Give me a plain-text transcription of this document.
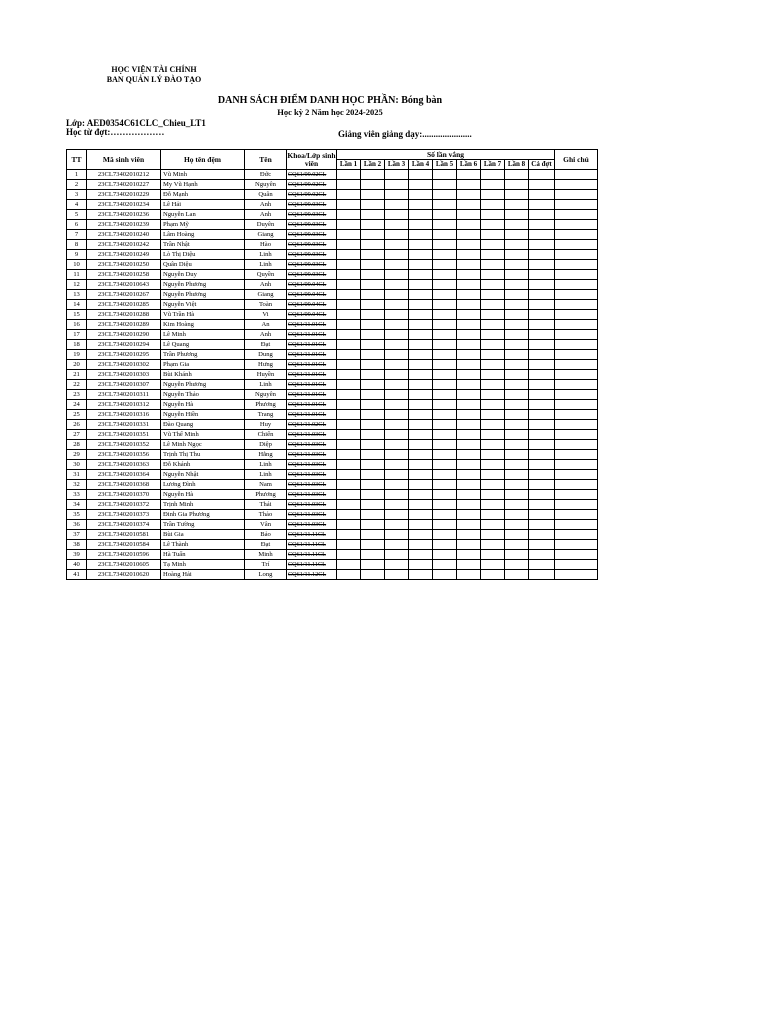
HỌC VIỆN TÀI CHÍNH
BAN QUẢN LÝ ĐÀO TẠO
DANH SÁCH ĐIỂM DANH HỌC PHẦN: Bóng bàn
Học kỳ 2 Năm học 2024-2025
Lớp: AED0354C61CLC_Chieu_LT1
Học từ đợt:………………	Giảng viên giảng dạy:......................
TT	Mã sinh viên	Họ tên đệm	Tên	Khoa/Lớp sinh viên	Số lần vắng									Ghi chú
					Lần 1	Lần 2	Lần 3	Lần 4	Lần 5	Lần 6	Lần 7	Lần 8	Cả đợt	
1	23CL73402010212	Vũ Minh	Đức	CQ61/09.02CL										
2	23CL73402010227	My Vũ Hạnh	Nguyên	CQ61/09.02CL										
3	23CL73402010229	Đỗ Mạnh	Quân	CQ61/09.02CL										
4	23CL73402010234	Lê Hải	Anh	CQ61/09.03CL										
5	23CL73402010236	Nguyễn Lan	Anh	CQ61/09.03CL										
6	23CL73402010239	Phạm Mỹ	Duyên	CQ61/09.03CL										
7	23CL73402010240	Lâm Hoàng	Giang	CQ61/09.03CL										
8	23CL73402010242	Trần Nhật	Hào	CQ61/09.03CL										
9	23CL73402010249	Lò Thị Diệu	Linh	CQ61/09.03CL										
10	23CL73402010250	Quân Diệu	Linh	CQ61/09.03CL										
11	23CL73402010258	Nguyễn Duy	Quyền	CQ61/09.03CL										
12	23CL73402010643	Nguyễn Phương	Anh	CQ61/09.04CL										
13	23CL73402010267	Nguyễn Phương	Giang	CQ61/09.04CL										
14	23CL73402010285	Nguyễn Việt	Toàn	CQ61/09.04CL										
15	23CL73402010288	Vũ Trần Hà	Vi	CQ61/09.04CL										
16	23CL73402010289	Kim Hoàng	An	CQ61/11.01CL										
17	23CL73402010290	Lê Minh	Anh	CQ61/11.01CL										
18	23CL73402010294	Lê Quang	Đạt	CQ61/11.01CL										
19	23CL73402010295	Trần Phương	Dung	CQ61/11.01CL										
20	23CL73402010302	Phạm Gia	Hưng	CQ61/11.01CL										
21	23CL73402010303	Bùi Khánh	Huyền	CQ61/11.01CL										
22	23CL73402010307	Nguyễn Phương	Linh	CQ61/11.01CL										
23	23CL73402010311	Nguyễn Thảo	Nguyên	CQ61/11.01CL										
24	23CL73402010312	Nguyễn Hà	Phương	CQ61/11.01CL										
25	23CL73402010316	Nguyễn Hiền	Trang	CQ61/11.01CL										
26	23CL73402010331	Đào Quang	Huy	CQ61/11.02CL										
27	23CL73402010351	Vũ Thế Minh	Chiến	CQ61/11.03CL										
28	23CL73402010352	Lê Minh Ngọc	Diệp	CQ61/11.03CL										
29	23CL73402010356	Trịnh Thị Thu	Hằng	CQ61/11.03CL										
30	23CL73402010363	Đỗ Khánh	Linh	CQ61/11.03CL										
31	23CL73402010364	Nguyễn Nhật	Linh	CQ61/11.03CL										
32	23CL73402010368	Lương Đình	Nam	CQ61/11.03CL										
33	23CL73402010370	Nguyễn Hà	Phương	CQ61/11.03CL										
34	23CL73402010372	Trịnh Minh	Thái	CQ61/11.03CL										
35	23CL73402010373	Đinh Gia Phương	Thảo	CQ61/11.03CL										
36	23CL73402010374	Trần Tường	Vân	CQ61/11.03CL										
37	23CL73402010581	Bùi Gia	Bảo	CQ61/11.11CL										
38	23CL73402010584	Lê Thành	Đạt	CQ61/11.11CL										
39	23CL73402010596	Hà Tuấn	Minh	CQ61/11.11CL										
40	23CL73402010605	Tạ Minh	Trí	CQ61/11.11CL										
41	23CL73402010620	Hoàng Hải	Long	CQ61/11.12CL										
